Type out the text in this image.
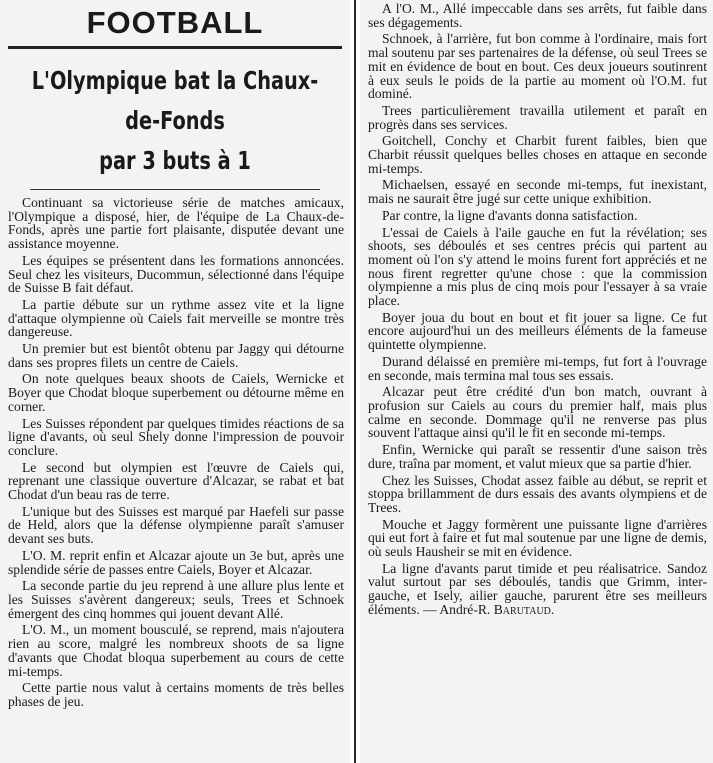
FOOTBALL
L'Olympique bat la Chaux-de-Fonds
par 3 buts à 1

Continuant sa victorieuse série de matches amicaux, l'Olympique a disposé, hier, de l'équipe de La Chaux-de-Fonds, après une partie fort plaisante, disputée devant une assistance moyenne.

Les équipes se présentent dans les formations annoncées. Seul chez les visiteurs, Ducommun, sélectionné dans l'équipe de Suisse B fait défaut.

La partie débute sur un rythme assez vite et la ligne d'attaque olympienne où Caiels fait merveille se montre très dangereuse.

Un premier but est bientôt obtenu par Jaggy qui détourne dans ses propres filets un centre de Caiels.

On note quelques beaux shoots de Caiels, Wernicke et Boyer que Chodat bloque superbement ou détourne même en corner.

Les Suisses répondent par quelques timides réactions de sa ligne d'avants, où seul Shely donne l'impression de pouvoir conclure.

Le second but olympien est l'œuvre de Caiels qui, reprenant une classique ouverture d'Alcazar, se rabat et bat Chodat d'un beau ras de terre.

L'unique but des Suisses est marqué par Haefeli sur passe de Held, alors que la défense olympienne paraît s'amuser devant ses buts.

L'O. M. reprit enfin et Alcazar ajoute un 3e but, après une splendide série de passes entre Caiels, Boyer et Alcazar.

La seconde partie du jeu reprend à une allure plus lente et les Suisses s'avèrent dangereux; seuls, Trees et Schnoek émergent des cinq hommes qui jouent devant Allé.

L'O. M., un moment bousculé, se reprend, mais n'ajoutera rien au score, malgré les nombreux shoots de sa ligne d'avants que Chodat bloqua superbement au cours de cette mi-temps.

Cette partie nous valut à certains moments de très belles phases de jeu.

A l'O. M., Allé impeccable dans ses arrêts, fut faible dans ses dégagements.

Schnoek, à l'arrière, fut bon comme à l'ordinaire, mais fort mal soutenu par ses partenaires de la défense, où seul Trees se mit en évidence de bout en bout. Ces deux joueurs soutinrent à eux seuls le poids de la partie au moment où l'O.M. fut dominé.

Trees particulièrement travailla utilement et paraît en progrès dans ses services.

Goitchell, Conchy et Charbit furent faibles, bien que Charbit réussit quelques belles choses en attaque en seconde mi-temps.

Michaelsen, essayé en seconde mi-temps, fut inexistant, mais ne saurait être jugé sur cette unique exhibition.

Par contre, la ligne d'avants donna satisfaction.

L'essai de Caiels à l'aile gauche en fut la révélation; ses shoots, ses déboulés et ses centres précis qui partent au moment où l'on s'y attend le moins furent fort appréciés et ne nous firent regretter qu'une chose : que la commission olympienne a mis plus de cinq mois pour l'essayer à sa vraie place.

Boyer joua du bout en bout et fit jouer sa ligne. Ce fut encore aujourd'hui un des meilleurs éléments de la fameuse quintette olympienne.

Durand délaissé en première mi-temps, fut fort à l'ouvrage en seconde, mais termina mal tous ses essais.

Alcazar peut être crédité d'un bon match, ouvrant à profusion sur Caiels au cours du premier half, mais plus calme en seconde. Dommage qu'il ne renverse pas plus souvent l'attaque ainsi qu'il le fit en seconde mi-temps.

Enfin, Wernicke qui paraît se ressentir d'une saison très dure, traîna par moment, et valut mieux que sa partie d'hier.

Chez les Suisses, Chodat assez faible au début, se reprit et stoppa brillamment de durs essais des avants olympiens et de Trees.

Mouche et Jaggy formèrent une puissante ligne d'arrières qui eut fort à faire et fut mal soutenue par une ligne de demis, où seuls Hausheir se mit en évidence.

La ligne d'avants parut timide et peu réalisatrice. Sandoz valut surtout par ses déboulés, tandis que Grimm, inter-gauche, et Isely, ailier gauche, parurent être ses meilleurs éléments. — André-R. Barutaud.
